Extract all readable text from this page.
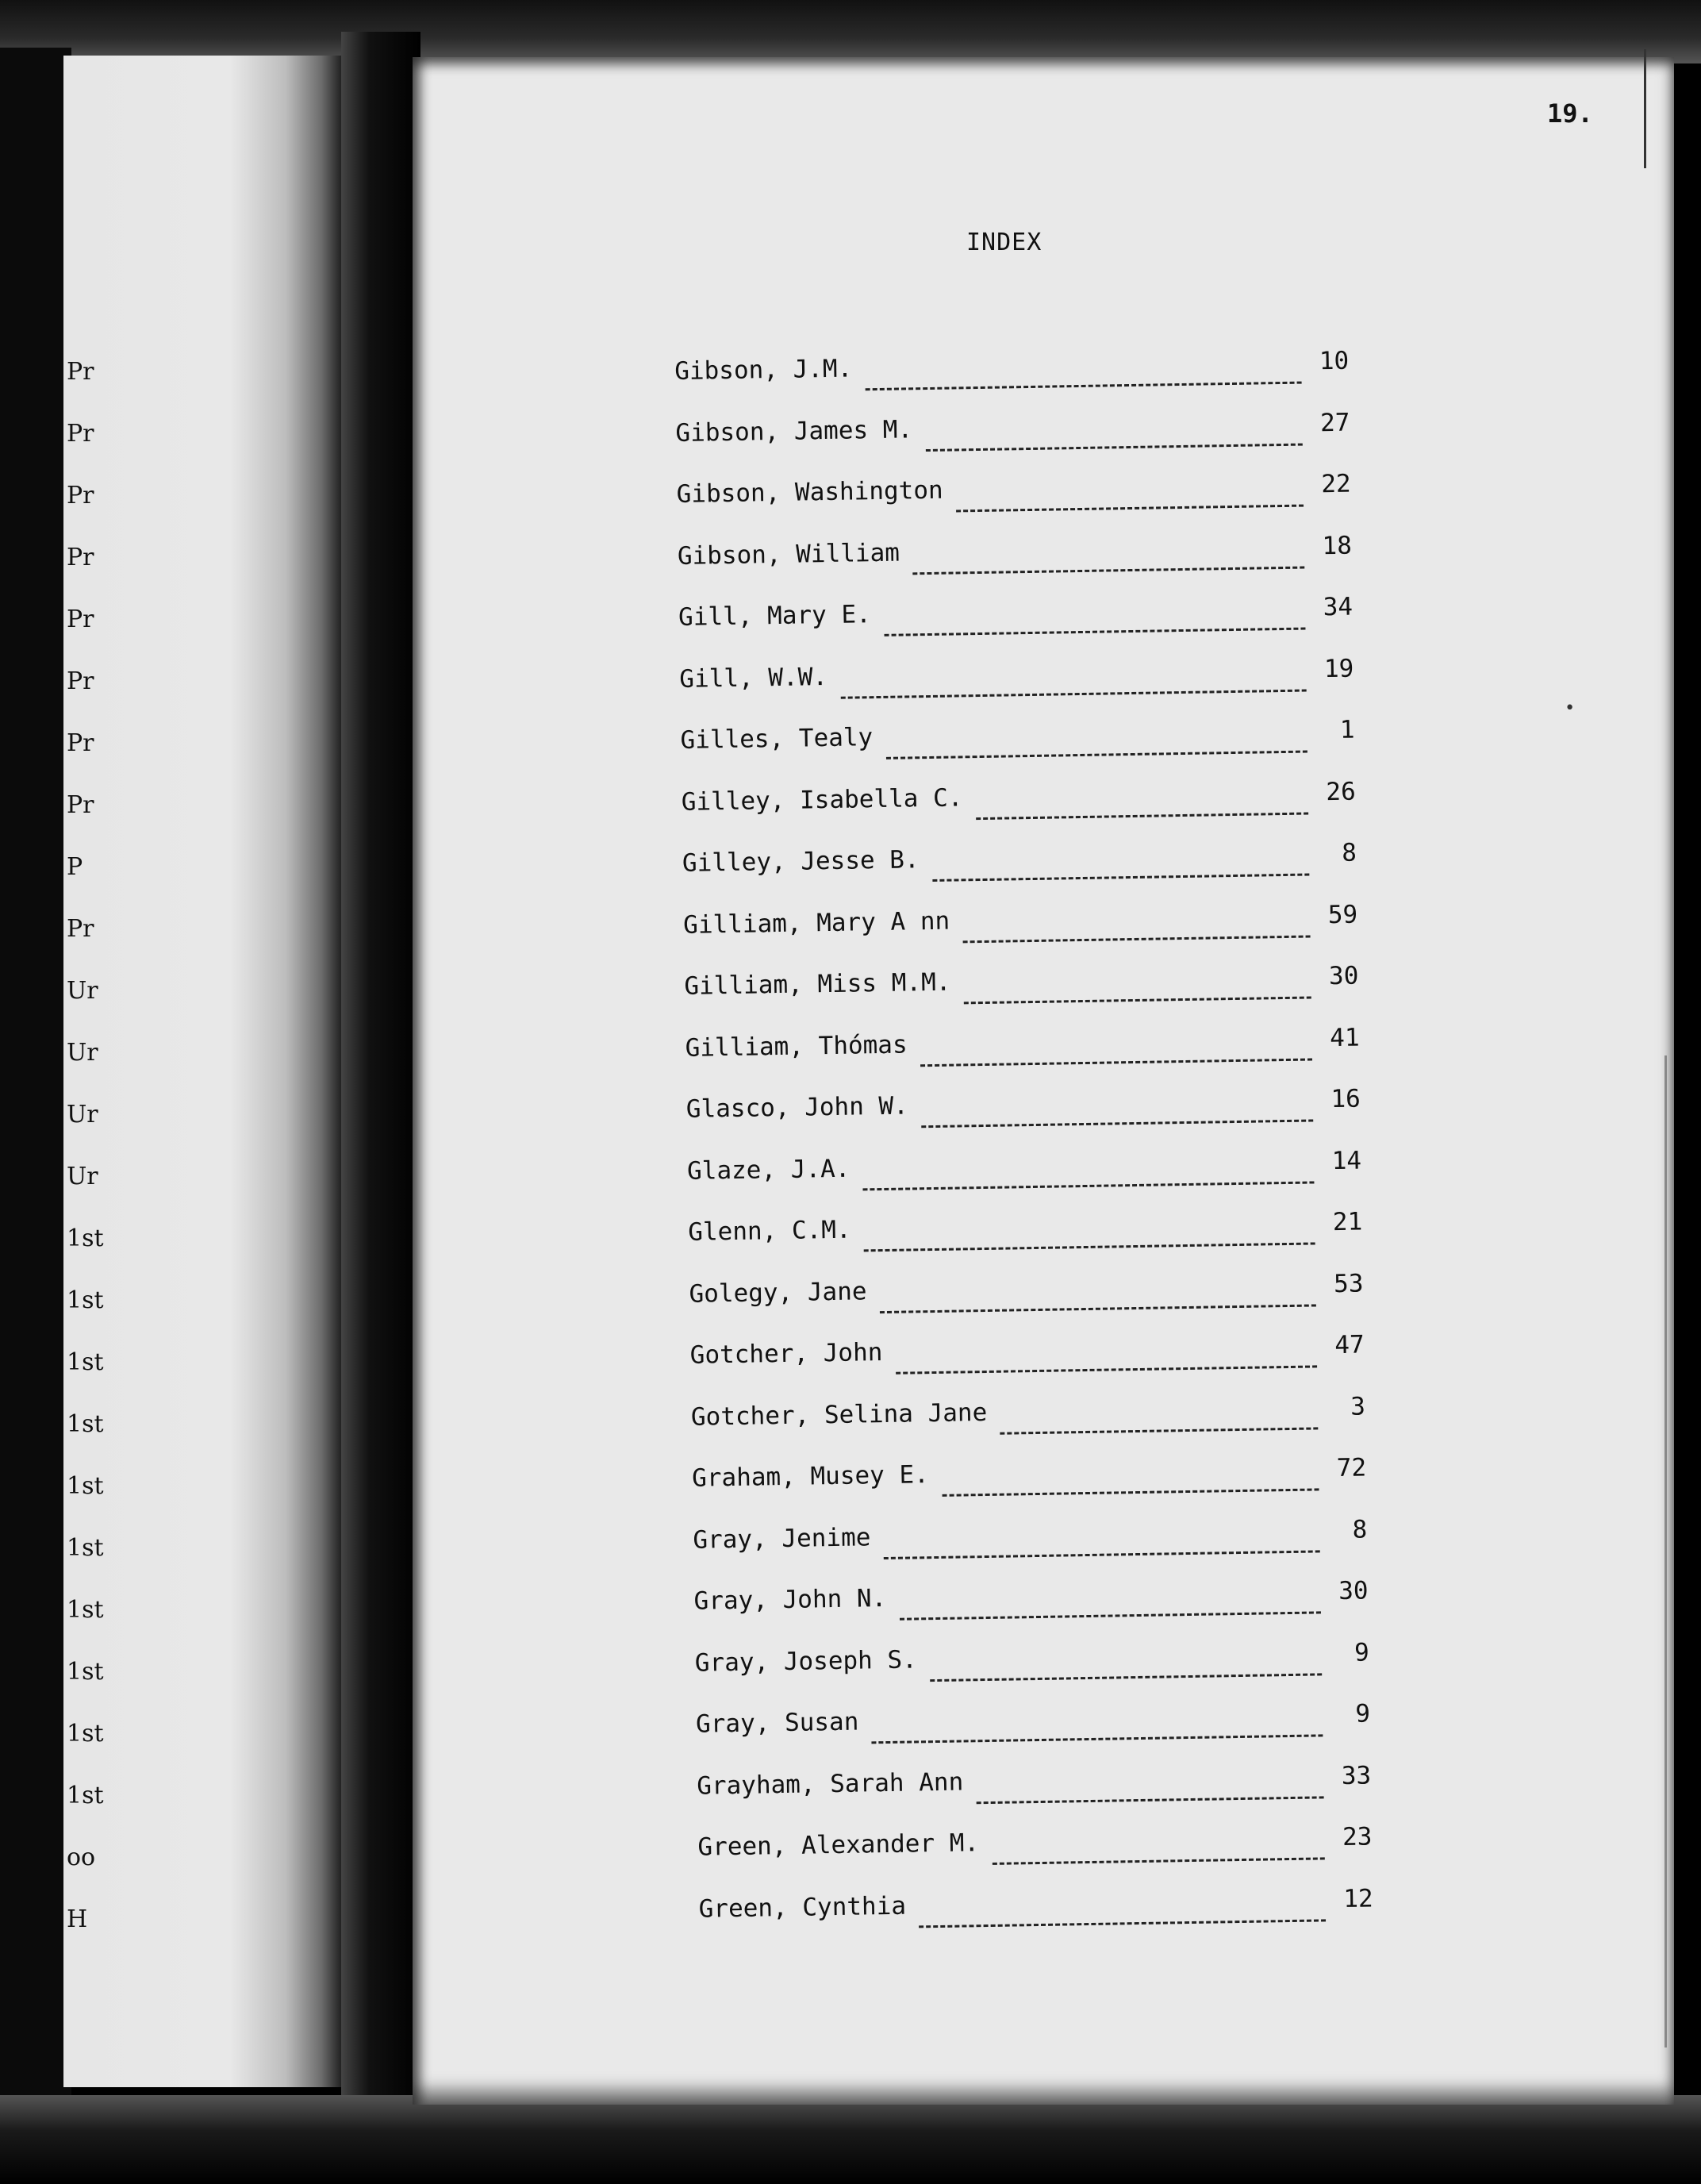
Pr
Pr
Pr
Pr
Pr
Pr
Pr
Pr
P
Pr
Ur
Ur
Ur
Ur
1st
1st
1st
1st
1st
1st
1st
1st
1st
1st
oo
H
19.
INDEX
•
Gibson, J.M.	10
Gibson, James M.	27
Gibson, Washington	22
Gibson, William	18
Gill, Mary E.	34
Gill, W.W.	19
Gilles, Tealy	1
Gilley, Isabella C.	26
Gilley, Jesse B.	8
Gilliam, Mary A nn	59
Gilliam, Miss M.M.	30
Gilliam, Thómas	41
Glasco, John W.	16
Glaze, J.A.	14
Glenn, C.M.	21
Golegy, Jane	53
Gotcher, John	47
Gotcher, Selina Jane	3
Graham, Musey E.	72
Gray, Jenime	8
Gray, John N.	30
Gray, Joseph S.	9
Gray, Susan	9
Grayham, Sarah Ann	33
Green, Alexander M.	23
Green, Cynthia	12
